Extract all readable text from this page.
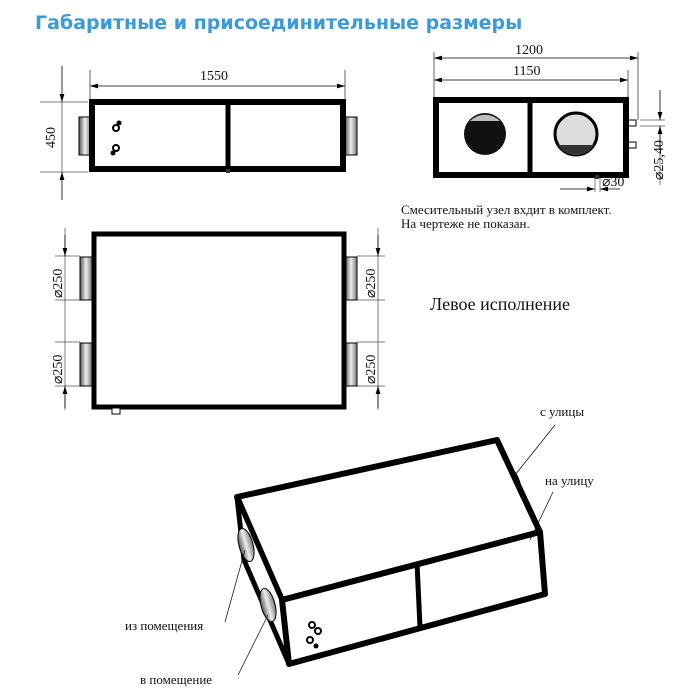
Габаритные и присоединительные размеры
1550
450
1200
1150
⌀25,40
⌀30
Смесительный узел вхдит в комплект.
На чертеже не показан.
⌀250
⌀250
⌀250
⌀250
Левое исполнение
с улицы
на улицу
из помещения
в помещение
